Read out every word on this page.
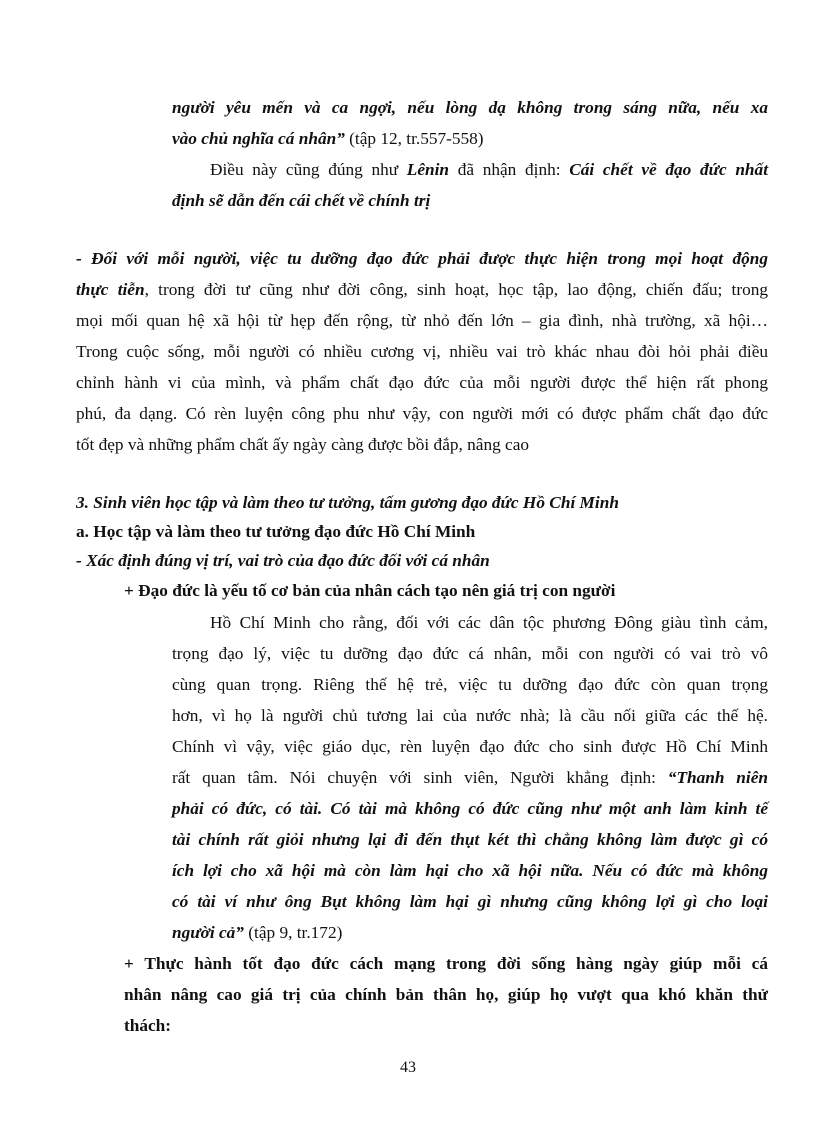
người yêu mến và ca ngợi, nếu lòng dạ không trong sáng nữa, nếu xa
vào chủ nghĩa cá nhân” (tập 12, tr.557-558)
Điều này cũng đúng như Lênin đã nhận định: Cái chết về đạo đức nhất
định sẽ dẫn đến cái chết về chính trị
- Đối với mỗi người, việc tu dưỡng đạo đức phải được thực hiện trong mọi hoạt động
thực tiễn, trong đời tư cũng như đời công, sinh hoạt, học tập, lao động, chiến đấu; trong
mọi mối quan hệ xã hội từ hẹp đến rộng, từ nhỏ đến lớn – gia đình, nhà trường, xã hội…
Trong cuộc sống, mỗi người có nhiều cương vị, nhiều vai trò khác nhau đòi hỏi phải điều
chỉnh hành vi của mình, và phẩm chất đạo đức của mỗi người được thể hiện rất phong
phú, đa dạng. Có rèn luyện công phu như vậy, con người mới có được phẩm chất đạo đức
tốt đẹp và những phẩm chất ấy ngày càng được bồi đắp, nâng cao
3. Sinh viên học tập và làm theo tư tưởng, tấm gương đạo đức Hồ Chí Minh
a. Học tập và làm theo tư tưởng đạo đức Hồ Chí Minh
- Xác định đúng vị trí, vai trò của đạo đức đối với cá nhân
+ Đạo đức là yếu tố cơ bản của nhân cách tạo nên giá trị con người
Hồ Chí Minh cho rằng, đối với các dân tộc phương Đông giàu tình cảm,
trọng đạo lý, việc tu dưỡng đạo đức cá nhân, mỗi con người có vai trò vô
cùng quan trọng. Riêng thế hệ trẻ, việc tu dưỡng đạo đức còn quan trọng
hơn, vì họ là người chủ tương lai của nước nhà; là cầu nối giữa các thế hệ.
Chính vì vậy, việc giáo dục, rèn luyện đạo đức cho sinh được Hồ Chí Minh
rất quan tâm. Nói chuyện với sinh viên, Người khẳng định: “Thanh niên
phải có đức, có tài. Có tài mà không có đức cũng như một anh làm kinh tế
tài chính rất giỏi nhưng lại đi đến thụt két thì chẳng không làm được gì có
ích lợi cho xã hội mà còn làm hại cho xã hội nữa. Nếu có đức mà không
có tài ví như ông Bụt không làm hại gì nhưng cũng không lợi gì cho loại
người cả” (tập 9, tr.172)
+ Thực hành tốt đạo đức cách mạng trong đời sống hàng ngày giúp mỗi cá
nhân nâng cao giá trị của chính bản thân họ, giúp họ vượt qua khó khăn thử
thách:
43
